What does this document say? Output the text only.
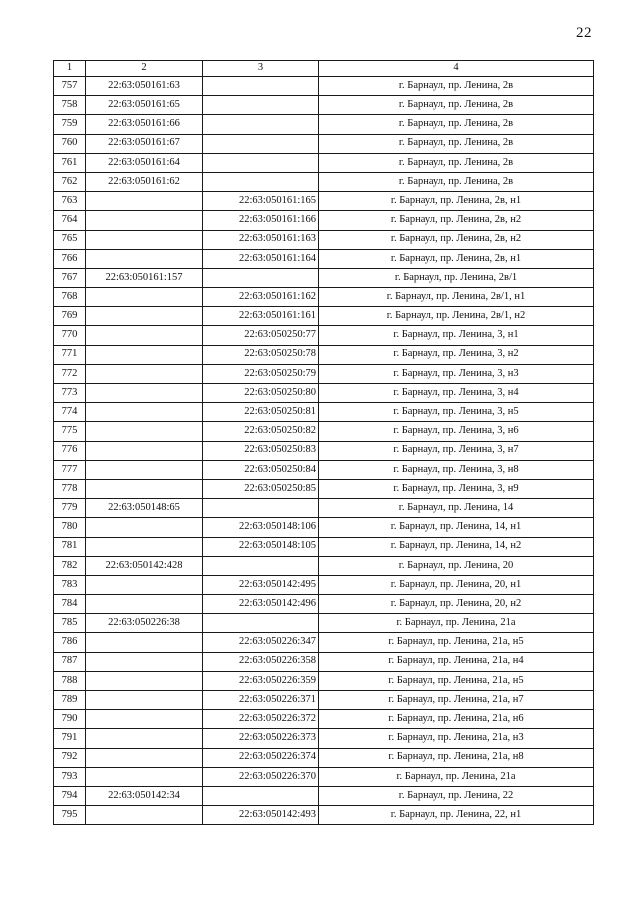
22
1	2	3	4
757	22:63:050161:63		г. Барнаул, пр. Ленина, 2в
758	22:63:050161:65		г. Барнаул, пр. Ленина, 2в
759	22:63:050161:66		г. Барнаул, пр. Ленина, 2в
760	22:63:050161:67		г. Барнаул, пр. Ленина, 2в
761	22:63:050161:64		г. Барнаул, пр. Ленина, 2в
762	22:63:050161:62		г. Барнаул, пр. Ленина, 2в
763		22:63:050161:165	г. Барнаул, пр. Ленина, 2в, н1
764		22:63:050161:166	г. Барнаул, пр. Ленина, 2в, н2
765		22:63:050161:163	г. Барнаул, пр. Ленина, 2в, н2
766		22:63:050161:164	г. Барнаул, пр. Ленина, 2в, н1
767	22:63:050161:157		г. Барнаул, пр. Ленина, 2в/1
768		22:63:050161:162	г. Барнаул, пр. Ленина, 2в/1, н1
769		22:63:050161:161	г. Барнаул, пр. Ленина, 2в/1, н2
770		22:63:050250:77	г. Барнаул, пр. Ленина, 3, н1
771		22:63:050250:78	г. Барнаул, пр. Ленина, 3, н2
772		22:63:050250:79	г. Барнаул, пр. Ленина, 3, н3
773		22:63:050250:80	г. Барнаул, пр. Ленина, 3, н4
774		22:63:050250:81	г. Барнаул, пр. Ленина, 3, н5
775		22:63:050250:82	г. Барнаул, пр. Ленина, 3, н6
776		22:63:050250:83	г. Барнаул, пр. Ленина, 3, н7
777		22:63:050250:84	г. Барнаул, пр. Ленина, 3, н8
778		22:63:050250:85	г. Барнаул, пр. Ленина, 3, н9
779	22:63:050148:65		г. Барнаул, пр. Ленина, 14
780		22:63:050148:106	г. Барнаул, пр. Ленина, 14, н1
781		22:63:050148:105	г. Барнаул, пр. Ленина, 14, н2
782	22:63:050142:428		г. Барнаул, пр. Ленина, 20
783		22:63:050142:495	г. Барнаул, пр. Ленина, 20, н1
784		22:63:050142:496	г. Барнаул, пр. Ленина, 20, н2
785	22:63:050226:38		г. Барнаул, пр. Ленина, 21а
786		22:63:050226:347	г. Барнаул, пр. Ленина, 21а, н5
787		22:63:050226:358	г. Барнаул, пр. Ленина, 21а, н4
788		22:63:050226:359	г. Барнаул, пр. Ленина, 21а, н5
789		22:63:050226:371	г. Барнаул, пр. Ленина, 21а, н7
790		22:63:050226:372	г. Барнаул, пр. Ленина, 21а, н6
791		22:63:050226:373	г. Барнаул, пр. Ленина, 21а, н3
792		22:63:050226:374	г. Барнаул, пр. Ленина, 21а, н8
793		22:63:050226:370	г. Барнаул, пр. Ленина, 21а
794	22:63:050142:34		г. Барнаул, пр. Ленина, 22
795		22:63:050142:493	г. Барнаул, пр. Ленина, 22, н1
